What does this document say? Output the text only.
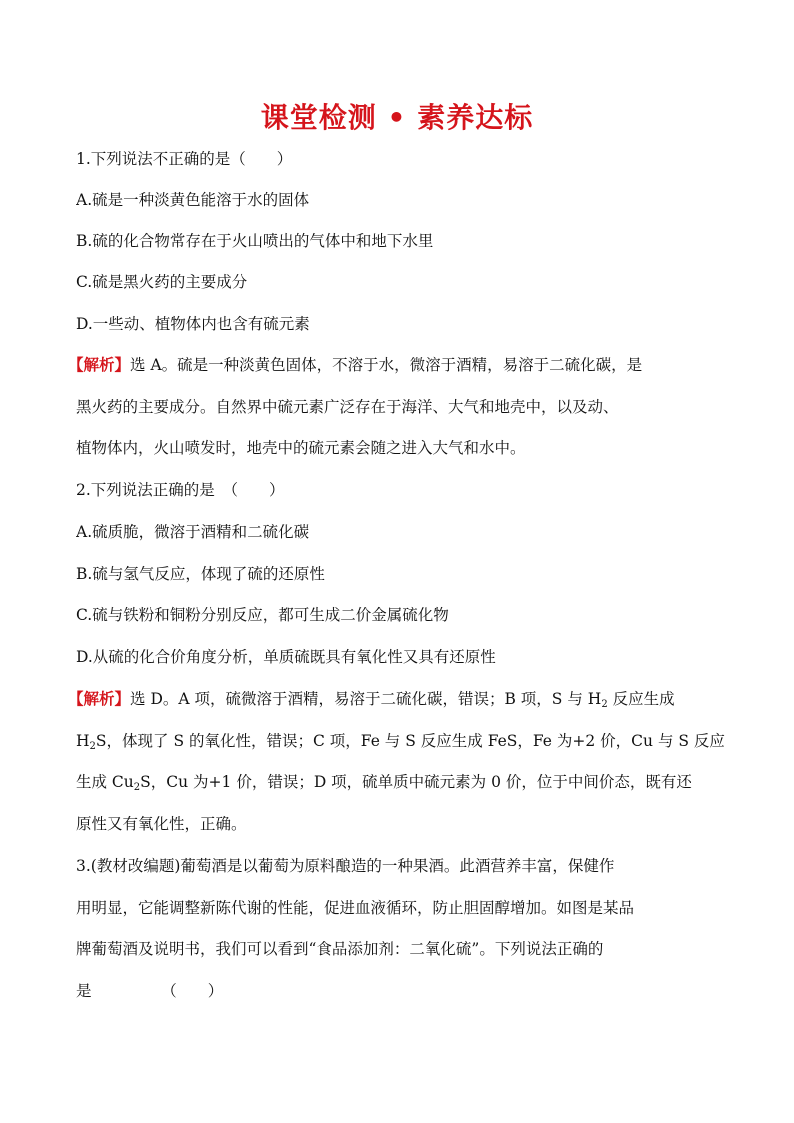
课堂检测 • 素养达标
1.下列说法不正确的是（　　）
A.硫是一种淡黄色能溶于水的固体
B.硫的化合物常存在于火山喷出的气体中和地下水里
C.硫是黑火药的主要成分
D.一些动、植物体内也含有硫元素
【解析】选 A。硫是一种淡黄色固体，不溶于水，微溶于酒精，易溶于二硫化碳，是
黑火药的主要成分。自然界中硫元素广泛存在于海洋、大气和地壳中，以及动、
植物体内，火山喷发时，地壳中的硫元素会随之进入大气和水中。
2.下列说法正确的是　（　　）
A.硫质脆，微溶于酒精和二硫化碳
B.硫与氢气反应，体现了硫的还原性
C.硫与铁粉和铜粉分别反应，都可生成二价金属硫化物
D.从硫的化合价角度分析，单质硫既具有氧化性又具有还原性
【解析】选 D。A 项，硫微溶于酒精，易溶于二硫化碳，错误；B 项，S 与 $H_2$ 反应生成
$H_2S$，体现了 S 的氧化性，错误；C 项，Fe 与 S 反应生成 FeS，Fe 为+2 价，Cu 与 S 反应
生成 $Cu_2S$，Cu 为+1 价，错误；D 项，硫单质中硫元素为 0 价，位于中间价态，既有还
原性又有氧化性，正确。
3.(教材改编题)葡萄酒是以葡萄为原料酿造的一种果酒。此酒营养丰富，保健作
用明显，它能调整新陈代谢的性能，促进血液循环，防止胆固醇增加。如图是某品
牌葡萄酒及说明书，我们可以看到“食品添加剂：二氧化硫”。下列说法正确的
是　　　　　（　　）
